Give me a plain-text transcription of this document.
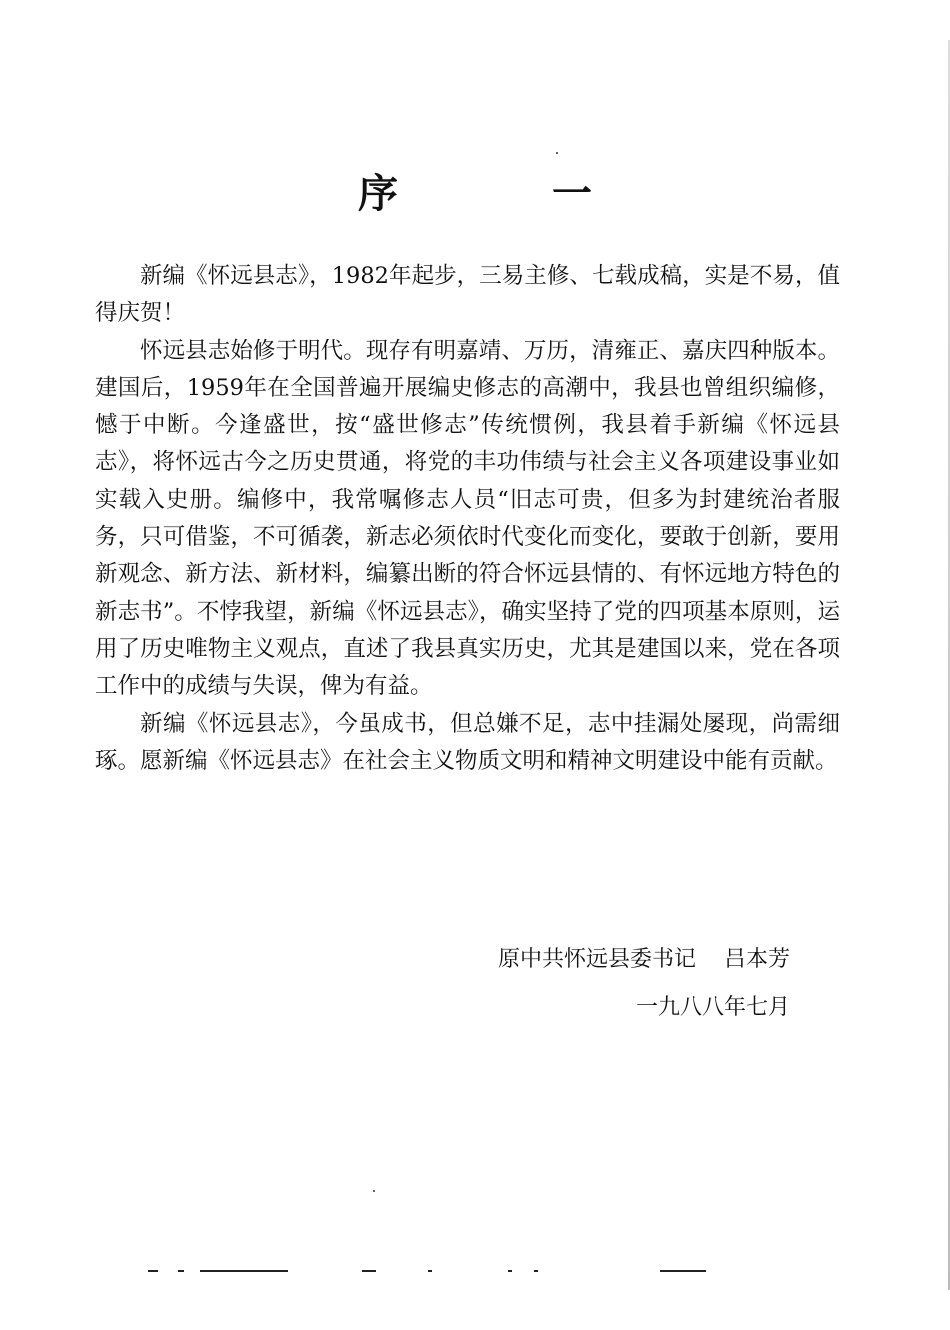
序 一

新编《怀远县志》，1982年起步，三易主修、七载成稿，实是不易，值得庆贺！

怀远县志始修于明代。现存有明嘉靖、万历，清雍正、嘉庆四种版本。建国后，1959年在全国普遍开展编史修志的高潮中，我县也曾组织编修，憾于中断。今逢盛世，按“盛世修志”传统惯例，我县着手新编《怀远县志》，将怀远古今之历史贯通，将党的丰功伟绩与社会主义各项建设事业如实载入史册。编修中，我常嘱修志人员“旧志可贵，但多为封建统治者服务，只可借鉴，不可循袭，新志必须依时代变化而变化，要敢于创新，要用新观念、新方法、新材料，编纂出断的符合怀远县情的、有怀远地方特色的新志书”。不悖我望，新编《怀远县志》，确实坚持了党的四项基本原则，运用了历史唯物主义观点，直述了我县真实历史，尤其是建国以来，党在各项工作中的成绩与失误，俾为有益。

新编《怀远县志》，今虽成书，但总嫌不足，志中挂漏处屡现，尚需细琢。愿新编《怀远县志》在社会主义物质文明和精神文明建设中能有贡献。

原中共怀远县委书记 吕本芳
一九八八年七月
